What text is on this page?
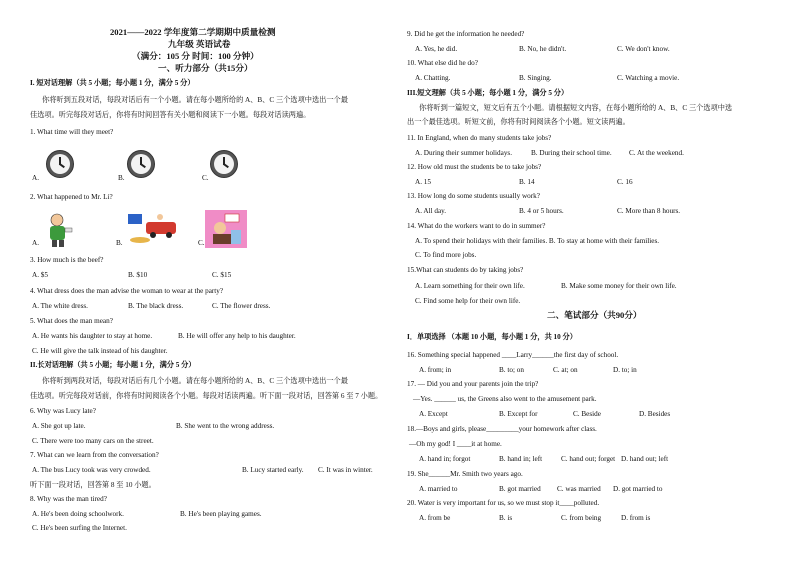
2021——2022 学年度第二学期期中质量检测
九年级 英语试卷
（满分：105 分 时间：100 分钟）
一、听力部分（共15分）
I. 短对话理解（共 5 小题；每小题 1 分，满分 5 分）
你将听到五段对话，每段对话后有一个小题。请在每小题所给的 A、B、C 三个选项中选出一个最
佳选项。听完每段对话后，你将有时间回答有关小题和阅读下一小题。每段对话读两遍。
1. What time will they meet?
A.	B.	C.
2. What happened to Mr. Li?
A.	B.	C.
3. How much is the beef?
A. $5	B. $10	C. $15
4. What dress does the man advise the woman to wear at the party?
A. The white dress.	B. The black dress.	C. The flower dress.
5. What does the man mean?
A. He wants his daughter to stay at home.	B. He will offer any help to his daughter.
C. He will give the talk instead of his daughter.
II.长对话理解（共 5 小题；每小题 1 分，满分 5 分）
你将听到两段对话，每段对话后有几个小题。请在每小题所给的 A、B、C 三个选项中选出一个最
佳选项。听完每段对话前，你将有时间阅读各个小题。每段对话读两遍。听下面一段对话，回答第 6 至 7 小题。
6. Why was Lucy late?
A. She got up late.	B. She went to the wrong address.
C. There were too many cars on the street.
7. What can we learn from the conversation?
A. The bus Lucy took was very crowded.	B. Lucy started early. C. It was in winter.
听下面一段对话，回答第 8 至 10 小题。
8. Why was the man tired?
A. He's been doing schoolwork.	B. He's been playing games.
C. He's been surfing the Internet.
9. Did he get the information he needed?
A. Yes, he did.	B. No, he didn't.	C. We don't know.
10. What else did he do?
A. Chatting.	B. Singing.	C. Watching a movie.
III.短文理解（共 5 小题；每小题 1 分，满分 5 分）
你将听到一篇短文，短文后有五个小题。请根据短文内容，在每小题所给的 A、B、C 三个选项中选
出一个最佳选项。听短文前，你将有时间阅读各个小题。短文读两遍。
11. In England, when do many students take jobs?
A. During their summer holidays.	B. During their school time. C. At the weekend.
12. How old must the students be to take jobs?
A. 15	B. 14	C. 16
13. How long do some students usually work?
A. All day.	B. 4 or 5 hours.	C. More than 8 hours.
14. What do the workers want to do in summer?
A. To spend their holidays with their families. B. To stay at home with their families.
C. To find more jobs.
15.What can students do by taking jobs?
A. Learn something for their own life.	B. Make some money for their own life.
C. Find some help for their own life.
二、笔试部分（共90分）
I．单项选择 （本题 10 小题，每小题 1 分，共 10 分）
16. Something special happened ____Larry______the first day of school.
A. from; in	B. to; on	C. at; on	D. to; in
17. — Did you and your parents join the trip?
—Yes. ______ us, the Greens also went to the amusement park.
A. Except	B. Except for	C. Beside	D. Besides
18.—Boys and girls, please_________your homework after class.
—Oh my god! I ____it at home.
A. hand in; forgot	B. hand in; left	C. hand out; forget D. hand out; left
19. She______Mr. Smith two years ago.
A. married to	B. got married C. was married D. got married to
20. Water is very important for us, so we must stop it____polluted.
A. from be	B. is	C. from being	D. from is
